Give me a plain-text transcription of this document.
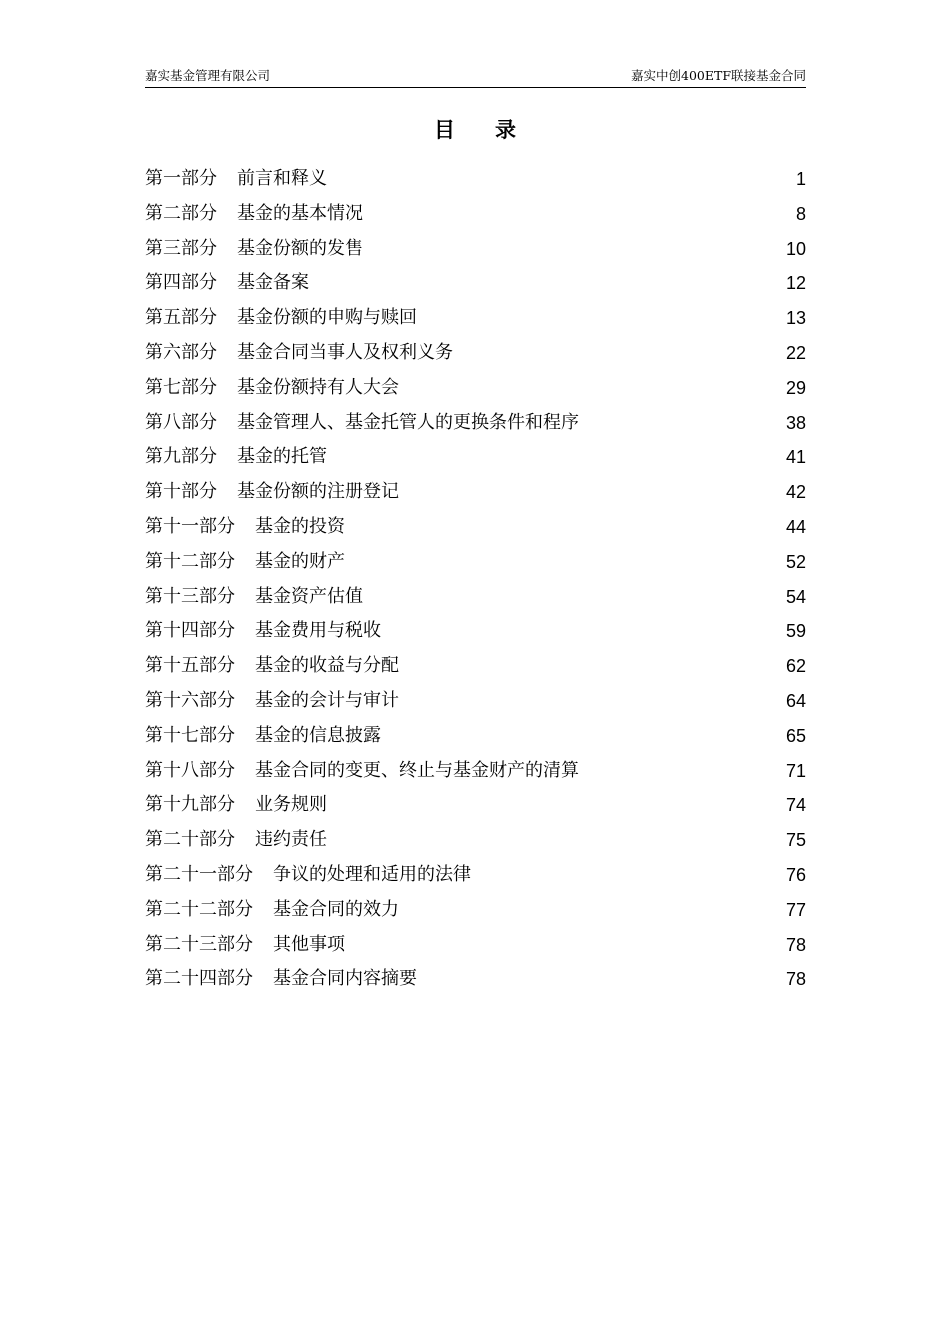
嘉实基金管理有限公司	嘉实中创400ETF联接基金合同
目录
第一部分 前言和释义	1
第二部分 基金的基本情况	8
第三部分 基金份额的发售	10
第四部分 基金备案	12
第五部分 基金份额的申购与赎回	13
第六部分 基金合同当事人及权利义务	22
第七部分 基金份额持有人大会	29
第八部分 基金管理人、基金托管人的更换条件和程序	38
第九部分 基金的托管	41
第十部分 基金份额的注册登记	42
第十一部分 基金的投资	44
第十二部分 基金的财产	52
第十三部分 基金资产估值	54
第十四部分 基金费用与税收	59
第十五部分 基金的收益与分配	62
第十六部分 基金的会计与审计	64
第十七部分 基金的信息披露	65
第十八部分 基金合同的变更、终止与基金财产的清算	71
第十九部分 业务规则	74
第二十部分 违约责任	75
第二十一部分 争议的处理和适用的法律	76
第二十二部分 基金合同的效力	77
第二十三部分 其他事项	78
第二十四部分 基金合同内容摘要	78
